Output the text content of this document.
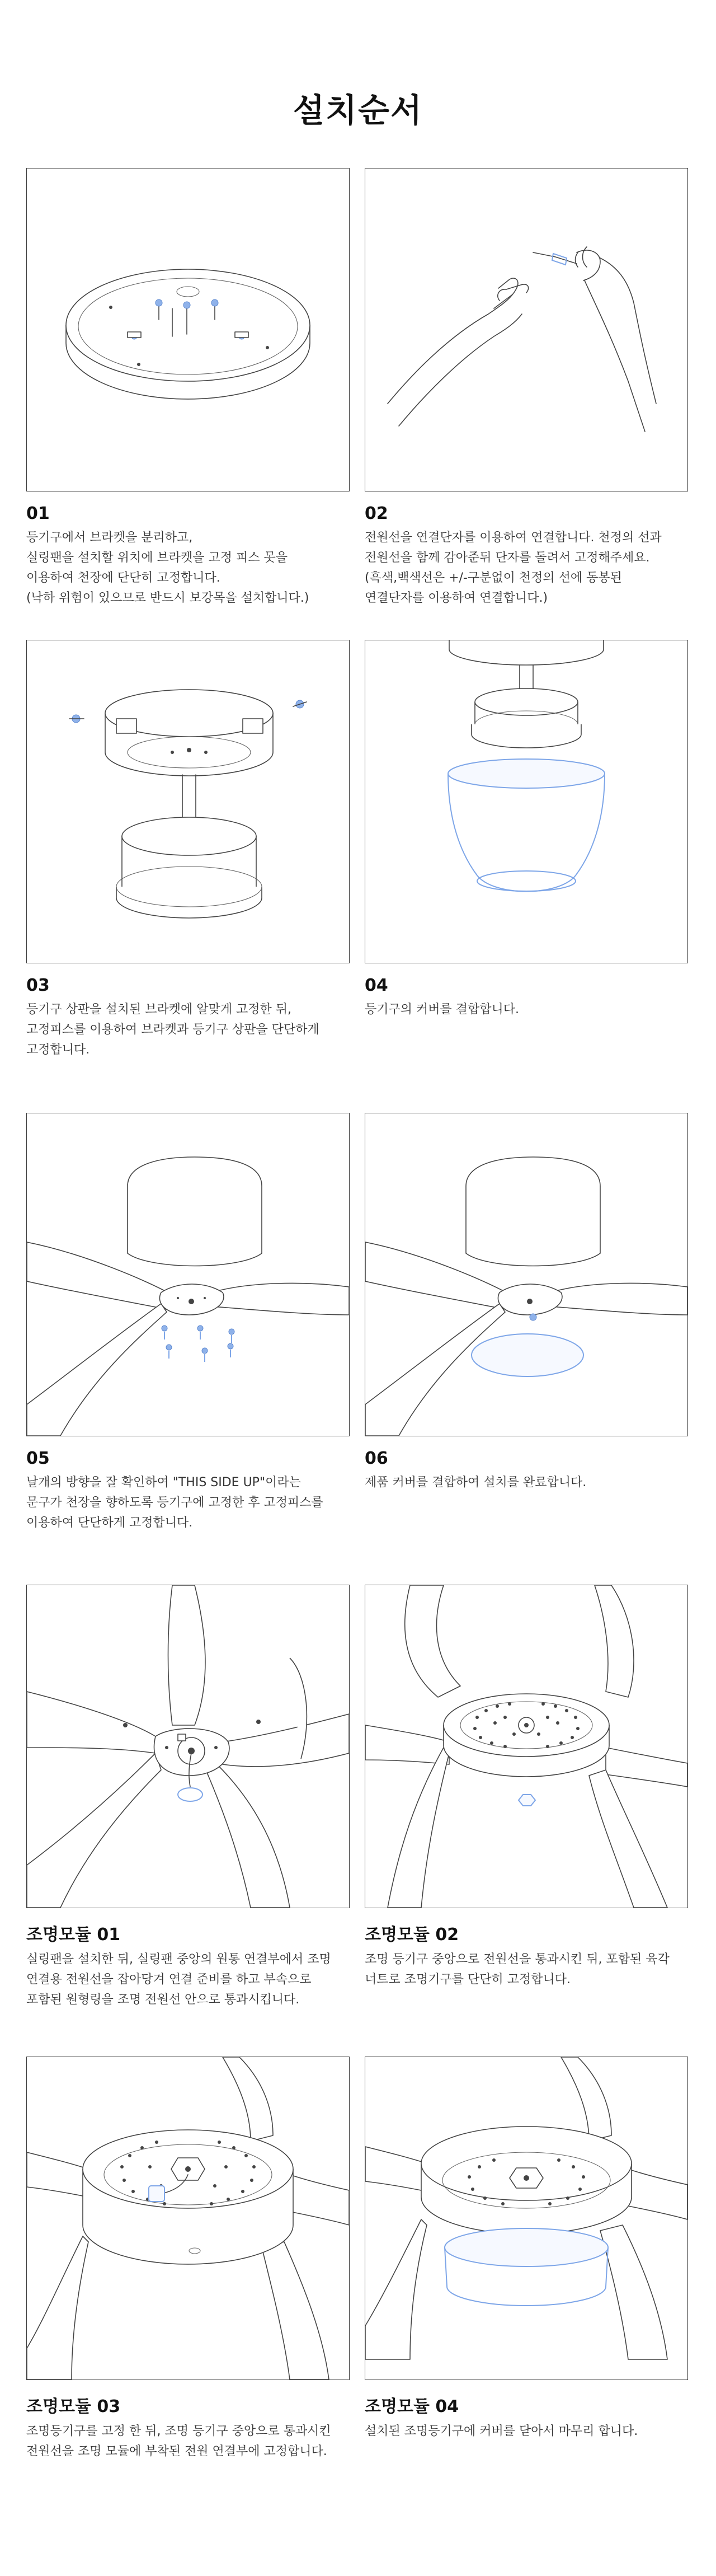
설치순서
01
등기구에서 브라켓을 분리하고,
실링팬을 설치할 위치에 브라켓을 고정 피스 못을
이용하여 천장에 단단히 고정합니다.
(낙하 위험이 있으므로 반드시 보강목을 설치합니다.)
02
전원선을 연결단자를 이용하여 연결합니다. 천정의 선과
전원선을 함께 감아준뒤 단자를 돌려서 고정해주세요.
(흑색,백색선은 +/-구분없이 천정의 선에 동봉된
연결단자를 이용하여 연결합니다.)
03
등기구 상판을 설치된 브라켓에 알맞게 고정한 뒤,
고정피스를 이용하여 브라켓과 등기구 상판을 단단하게
고정합니다.
04
등기구의 커버를 결합합니다.
05
날개의 방향을 잘 확인하여 "THIS SIDE UP"이라는
문구가 천장을 향하도록 등기구에 고정한 후 고정피스를
이용하여 단단하게 고정합니다.
06
제품 커버를 결합하여 설치를 완료합니다.
조명모듈 01
실링팬을 설치한 뒤, 실링팬 중앙의 원통 연결부에서 조명
연결용 전원선을 잡아당겨 연결 준비를 하고 부속으로
포함된 원형링을 조명 전원선 안으로 통과시킵니다.
조명모듈 02
조명 등기구 중앙으로 전원선을 통과시킨 뒤, 포함된 육각
너트로 조명기구를 단단히 고정합니다.
조명모듈 03
조명등기구를 고정 한 뒤, 조명 등기구 중앙으로 통과시킨
전원선을 조명 모듈에 부착된 전원 연결부에 고정합니다.
조명모듈 04
설치된 조명등기구에 커버를 닫아서 마무리 합니다.
